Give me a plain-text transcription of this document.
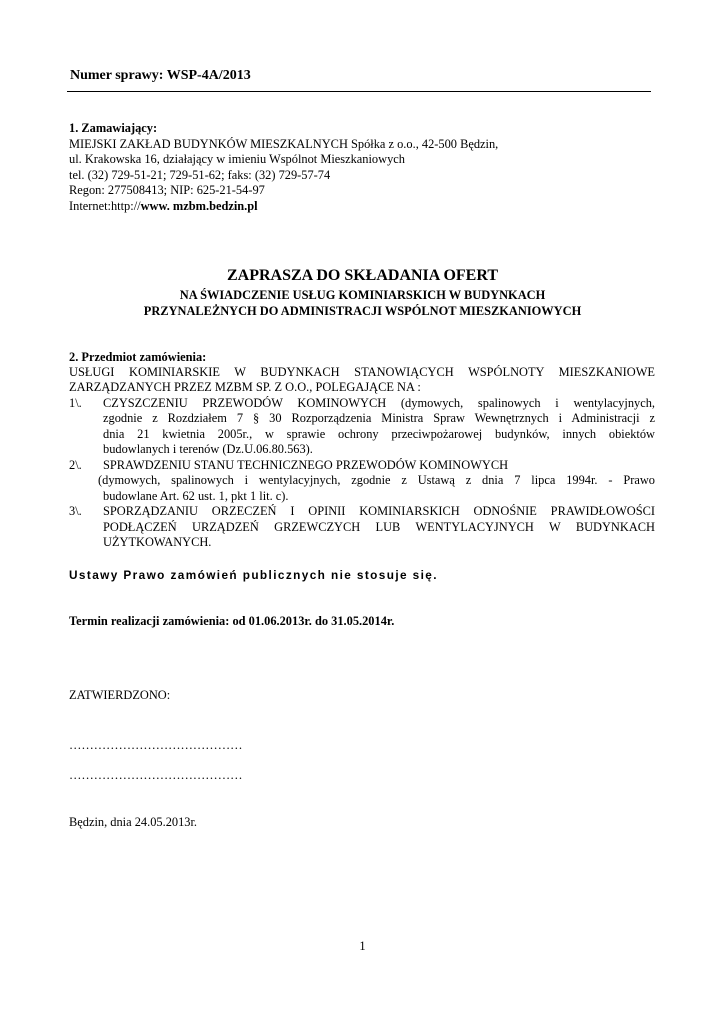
Numer sprawy: WSP-4A/2013
1. Zamawiający:
MIEJSKI ZAKŁAD BUDYNKÓW MIESZKALNYCH Spółka z o.o., 42-500 Będzin,
ul. Krakowska 16, działający w imieniu Wspólnot Mieszkaniowych
tel. (32) 729-51-21; 729-51-62; faks: (32) 729-57-74
Regon: 277508413; NIP: 625-21-54-97
Internet:http://www. mzbm.bedzin.pl
ZAPRASZA DO SKŁADANIA OFERT
NA ŚWIADCZENIE USŁUG KOMINIARSKICH W BUDYNKACH
PRZYNALEŻNYCH DO ADMINISTRACJI WSPÓLNOT MIESZKANIOWYCH
2. Przedmiot zamówienia:
USŁUGI KOMINIARSKIE W BUDYNKACH STANOWIĄCYCH WSPÓLNOTY MIESZKANIOWE
ZARZĄDZANYCH PRZEZ MZBM SP. Z O.O., POLEGAJĄCE NA :
1\. CZYSZCZENIU PRZEWODÓW KOMINOWYCH (dymowych, spalinowych i wentylacyjnych,
zgodnie z Rozdziałem 7 § 30 Rozporządzenia Ministra Spraw Wewnętrznych i Administracji z
dnia 21 kwietnia 2005r., w sprawie ochrony przeciwpożarowej budynków, innych obiektów
budowlanych i terenów (Dz.U.06.80.563).
2\. SPRAWDZENIU STANU TECHNICZNEGO PRZEWODÓW KOMINOWYCH
(dymowych, spalinowych i wentylacyjnych, zgodnie z Ustawą z dnia 7 lipca 1994r. - Prawo
budowlane Art. 62 ust. 1, pkt 1 lit. c).
3\. SPORZĄDZANIU ORZECZEŃ I OPINII KOMINIARSKICH ODNOŚNIE PRAWIDŁOWOŚCI
PODŁĄCZEŃ URZĄDZEŃ GRZEWCZYCH LUB WENTYLACYJNYCH W BUDYNKACH
UŻYTKOWANYCH.
Ustawy Prawo zamówień publicznych nie stosuje się.
Termin realizacji zamówienia: od 01.06.2013r. do 31.05.2014r.
ZATWIERDZONO:
……………………………………
……………………………………
Będzin, dnia 24.05.2013r.
1
